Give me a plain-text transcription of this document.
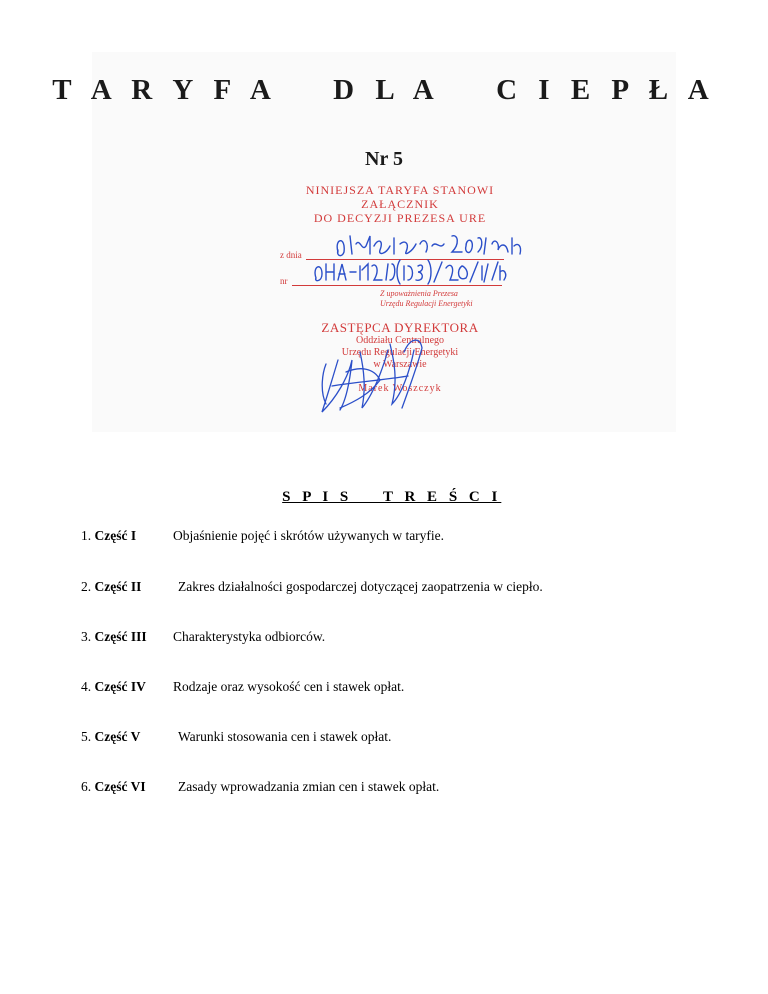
T A R Y F A    D L A    C I E P Ł A
Nr 5
NINIEJSZA TARYFA STANOWI
ZAŁĄCZNIK
DO DECYZJI PREZESA URE
z dnia
nr
Z upoważnienia Prezesa
Urzędu Regulacji Energetyki
ZASTĘPCA DYREKTORA
Oddziału Centralnego
Urzędu Regulacji Energetyki
w Warszawie
Marek Woszczyk

S P I S    T R E Ś C I

1. Część I	Objaśnienie pojęć i skrótów używanych w taryfie.
2. Część II	Zakres działalności gospodarczej dotyczącej zaopatrzenia w ciepło.
3. Część III Charakterystyka odbiorców.
4. Część IV Rodzaje oraz wysokość cen i stawek opłat.
5. Część V	Warunki stosowania cen i stawek opłat.
6. Część VI Zasady wprowadzania zmian cen i stawek opłat.
